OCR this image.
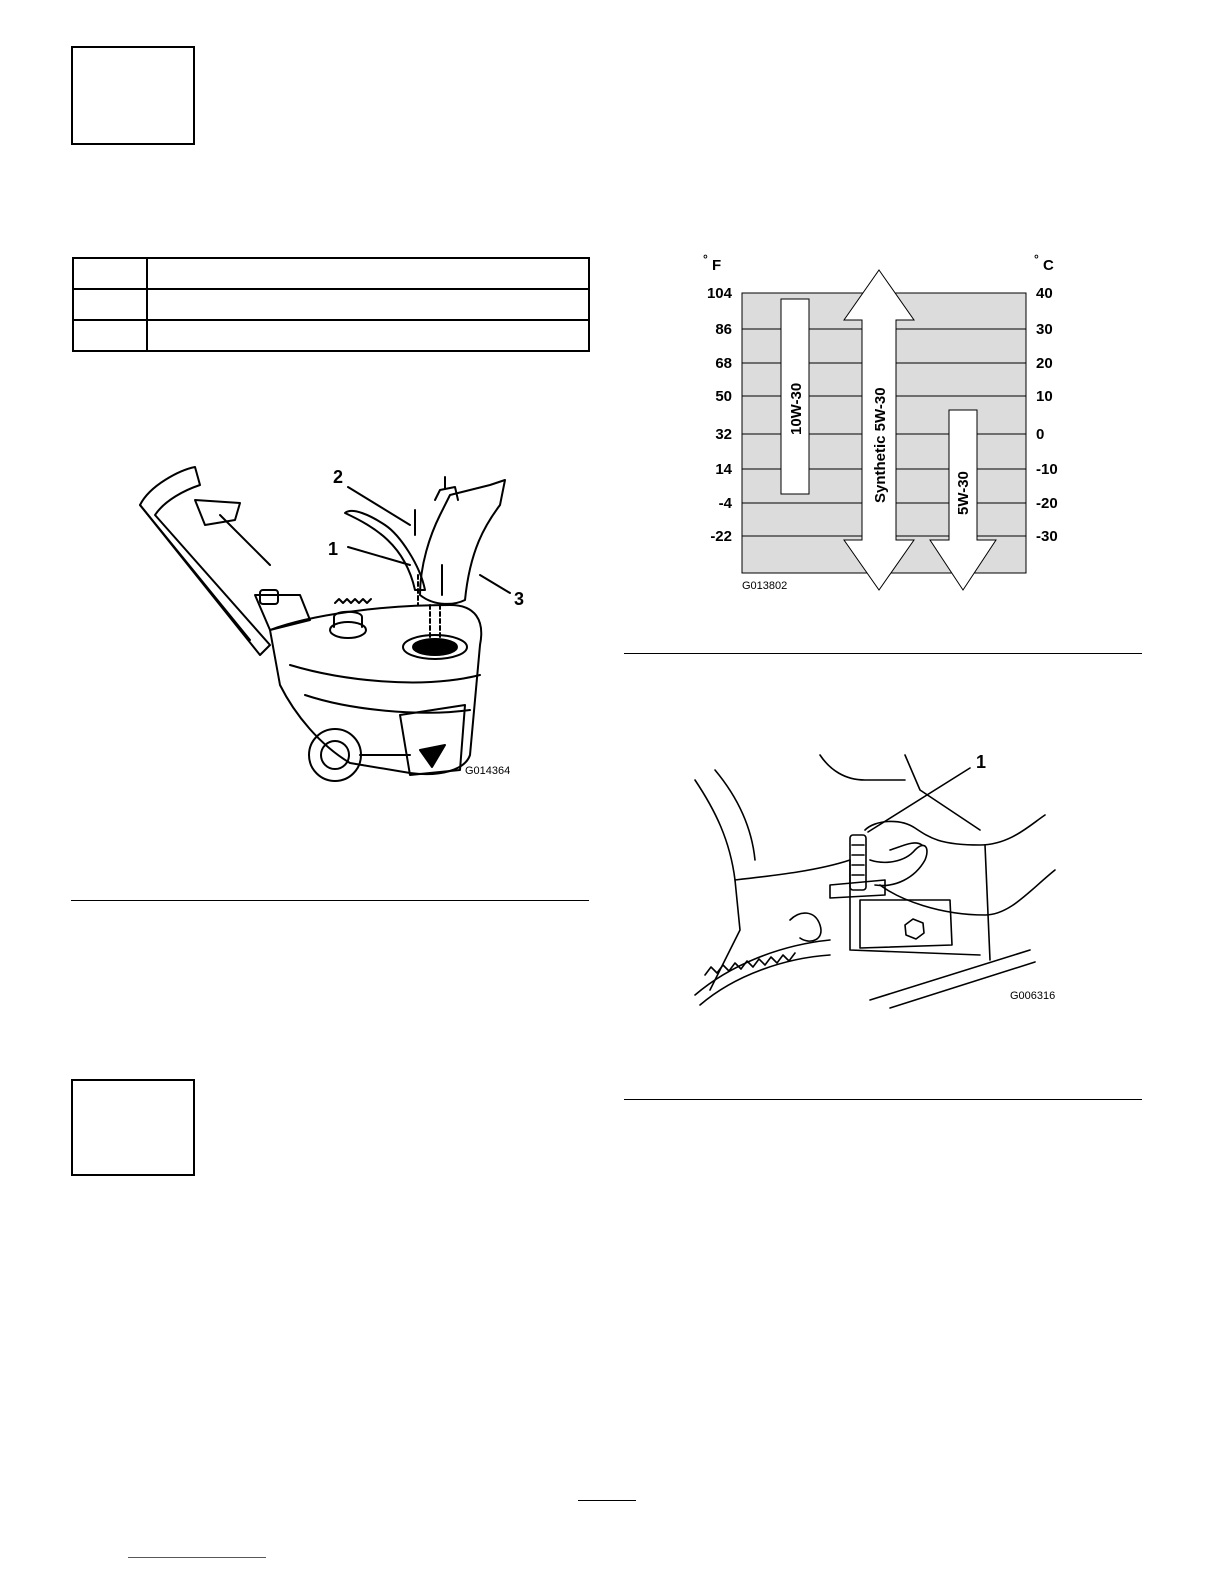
2
1
3
G014364
104
86
68
50
32
14
-4
-22
40
30
20
10
0
-10
-20
-30
10W-30	Synthetic 5W-30	5W-30
° F	° C
G013802
1
G006316
